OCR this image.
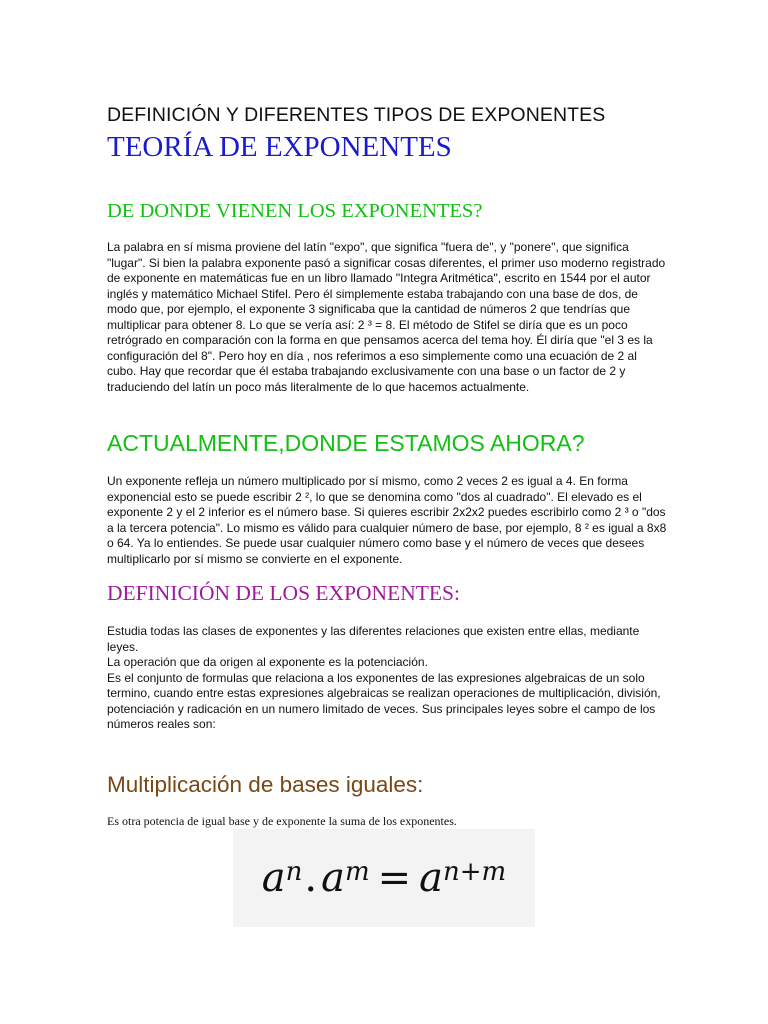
DEFINICIÓN Y DIFERENTES TIPOS DE EXPONENTES
TEORÍA DE EXPONENTES
DE DONDE VIENEN LOS EXPONENTES?

La palabra en sí misma proviene del latín "expo", que significa "fuera de", y "ponere", que significa "lugar". Si bien la palabra exponente pasó a significar cosas diferentes, el primer uso moderno registrado de exponente en matemáticas fue en un libro llamado "Integra Aritmética", escrito en 1544 por el autor inglés y matemático Michael Stifel. Pero él simplemente estaba trabajando con una base de dos, de modo que, por ejemplo, el exponente 3 significaba que la cantidad de números 2 que tendrías que multiplicar para obtener 8. Lo que se vería así: 2 ³ = 8. El método de Stifel se diría que es un poco retrógrado en comparación con la forma en que pensamos acerca del tema hoy. Él diría que "el 3 es la configuración del 8". Pero hoy en día , nos referimos a eso simplemente como una ecuación de 2 al cubo. Hay que recordar que él estaba trabajando exclusivamente con una base o un factor de 2 y traduciendo del latín un poco más literalmente de lo que hacemos actualmente.

ACTUALMENTE,DONDE ESTAMOS AHORA?

Un exponente refleja un número multiplicado por sí mismo, como 2 veces 2 es igual a 4. En forma exponencial esto se puede escribir 2 ², lo que se denomina como "dos al cuadrado". El elevado es el exponente 2 y el 2 inferior es el número base. Si quieres escribir 2x2x2 puedes escribirlo como 2 ³ o "dos a la tercera potencia". Lo mismo es válido para cualquier número de base, por ejemplo, 8 ² es igual a 8x8 o 64. Ya lo entiendes. Se puede usar cualquier número como base y el número de veces que desees multiplicarlo por sí mismo se convierte en el exponente.

DEFINICIÓN DE LOS EXPONENTES:
Estudia todas las clases de exponentes y las diferentes relaciones que existen entre ellas, mediante leyes.
La operación que da origen al exponente es la potenciación.
Es el conjunto de formulas que relaciona a los exponentes de las expresiones algebraicas de un solo termino, cuando entre estas expresiones algebraicas se realizan operaciones de multiplicación, división, potenciación y radicación en un numero limitado de veces. Sus principales leyes sobre el campo de los números reales son:
Multiplicación de bases iguales:

Es otra potencia de igual base y de exponente la suma de los exponentes.

$a^n$ . $a^m = a^{n+m}$
